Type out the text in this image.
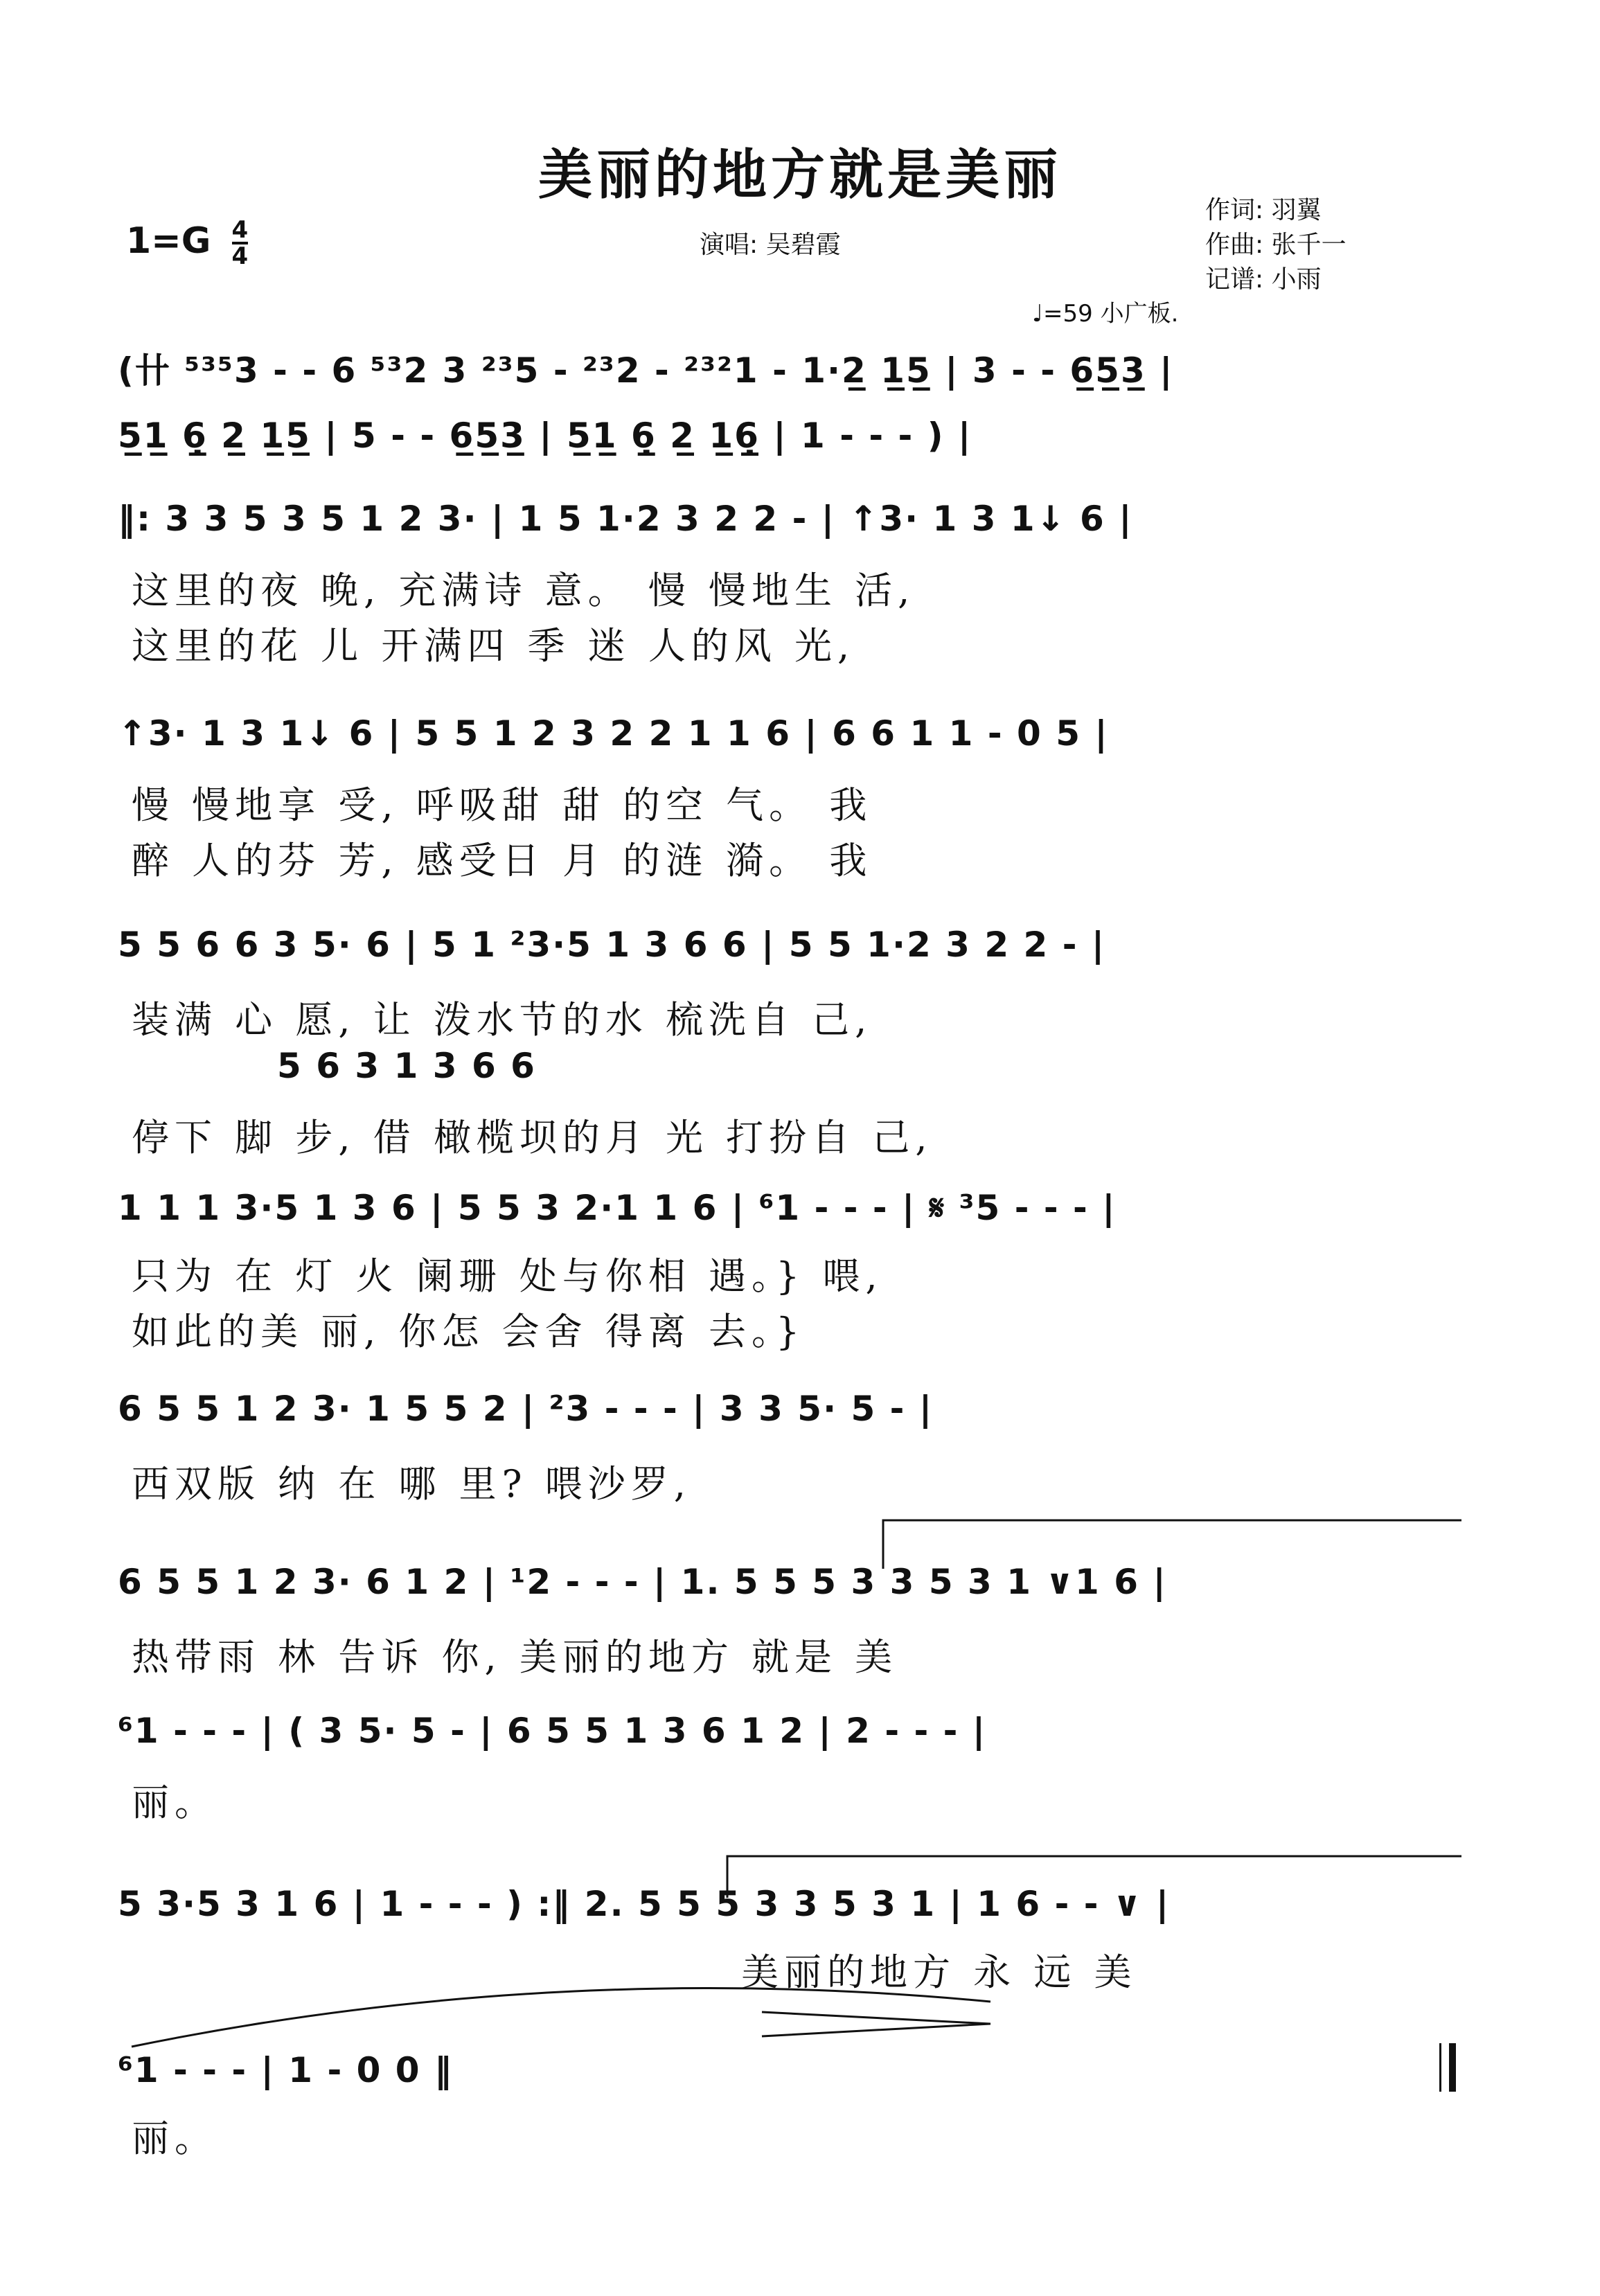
美丽的地方就是美丽
$1=G \frac{4}{4}$	演唱: 吴碧霞
作词: 羽翼
作曲: 张千一
记谱: 小雨
♩=59 小广板.
(卄 ⁵³⁵3 - - 6 ⁵³2 3 ²³5 - ²³2 - ²³²1 - 1·2̲ 1̲5̲ | 3 - - 6̲5̲3̲ |
5̲1̲ 6̣̲ 2̲ 1̲5̲ | 5 - - 6̲5̲3̲ | 5̲1̲ 6̣̲ 2̲ 1̲6̣̲ | 1 - - - ) |
‖: 3 3 5 3 5 1 2 3· | 1 5 1·2 3 2 2 - | ↑3· 1 3 1↓ 6 |
这里的夜 晚, 充满诗 意。 慢 慢地生 活,
这里的花 儿 开满四 季 迷 人的风 光,
↑3· 1 3 1↓ 6 | 5 5 1 2 3 2 2 1 1 6 | 6 6 1 1 - 0 5 |
慢 慢地享 受, 呼吸甜 甜 的空 气。 我
醉 人的芬 芳, 感受日 月 的涟 漪。 我
5 5 6 6 3 5· 6 | 5 1 ²3·5 1 3 6 6 | 5 5 1·2 3 2 2 - |
装满 心 愿, 让 泼水节的水 梳洗自 己,
5 6 3 1 3 6 6
停下 脚 步, 借 橄榄坝的月 光 打扮自 己,
1 1 1 3·5 1 3 6 | 5 5 3 2·1 1 6 | ⁶1 - - - | 𝄋 ³5 - - - |
只为 在 灯 火 阑珊 处与你相 遇。} 喂,
如此的美 丽, 你怎 会舍 得离 去。}
6 5 5 1 2 3· 1 5 5 2 | ²3 - - - | 3 3 5· 5 - |
西双版 纳 在 哪 里? 喂沙罗,
6 5 5 1 2 3· 6 1 2 | ¹2 - - - | 1. 5 5 5 3 3 5 3 1 ∨1 6 |
热带雨 林 告诉 你, 美丽的地方 就是 美
⁶1 - - - | ( 3 5· 5 - | 6 5 5 1 3 6 1 2 | 2 - - - |
丽。
5 3·5 3 1 6 | 1 - - - ) :‖ 2. 5 5 5 3 3 5 3 1 | 1 6 - - ∨ |
美丽的地方 永 远 美
⁶1 - - - | 1 - 0 0 ‖
丽。
